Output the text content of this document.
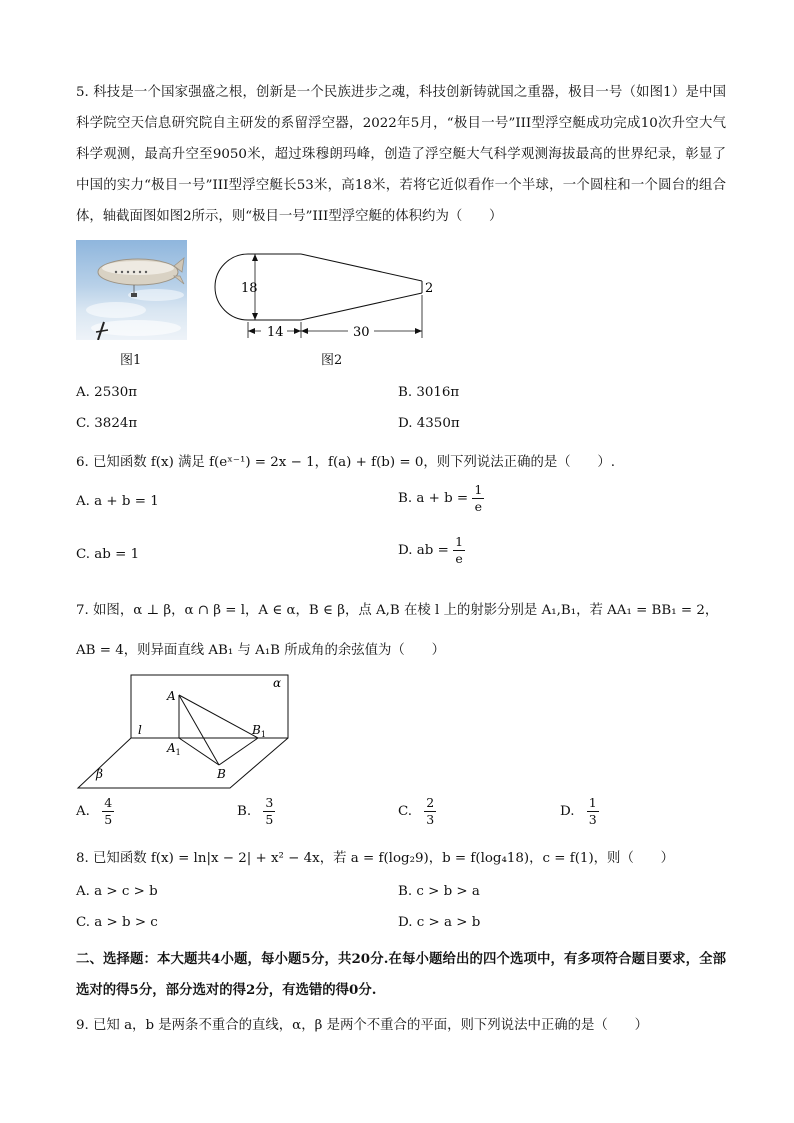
5. 科技是一个国家强盛之根，创新是一个民族进步之魂，科技创新铸就国之重器，极目一号（如图1）是中国科学院空天信息研究院自主研发的系留浮空器，2022年5月，“极目一号”III型浮空艇成功完成10次升空大气科学观测，最高升空至9050米，超过珠穆朗玛峰，创造了浮空艇大气科学观测海拔最高的世界纪录，彰显了中国的实力“极目一号”III型浮空艇长53米，高18米，若将它近似看作一个半球，一个圆柱和一个圆台的组合体，轴截面图如图2所示，则“极目一号”III型浮空艇的体积约为（　　）
图1
18	2
14	30
图2
A. 2530π	B. 3016π
C. 3824π	D. 4350π
6. 已知函数 f(x) 满足 f(eˣ⁻¹) = 2x − 1，f(a) + f(b) = 0，则下列说法正确的是（　　）.
A. a + b = 1	B. $a + b = \frac{1}{e}$
C. ab = 1	D. ab = $\frac{1}{e}$
7. 如图，α ⊥ β，α ∩ β = l，A ∈ α，B ∈ β，点 A,B 在棱 l 上的射影分别是 A₁,B₁，若 AA₁ = BB₁ = 2，
AB = 4，则异面直线 AB₁ 与 A₁B 所成角的余弦值为（　　）
α
β
l
A
$A_1$
B
$B_1$
A. $\frac{4}{5}$	B. $\frac{3}{5}$	C. $\frac{2}{3}$	D. $\frac{1}{3}$
8. 已知函数 f(x) = ln|x − 2| + x² − 4x，若 a = f(log₂9)，b = f(log₄18)，c = f(1)，则（　　）
A. a > c > b	B. c > b > a
C. a > b > c	D. c > a > b
二、选择题：本大题共4小题，每小题5分，共20分.在每小题给出的四个选项中，有多项符合题目要求，全部选对的得5分，部分选对的得2分，有选错的得0分.
9. 已知 a，b 是两条不重合的直线，α，β 是两个不重合的平面，则下列说法中正确的是（　　）
